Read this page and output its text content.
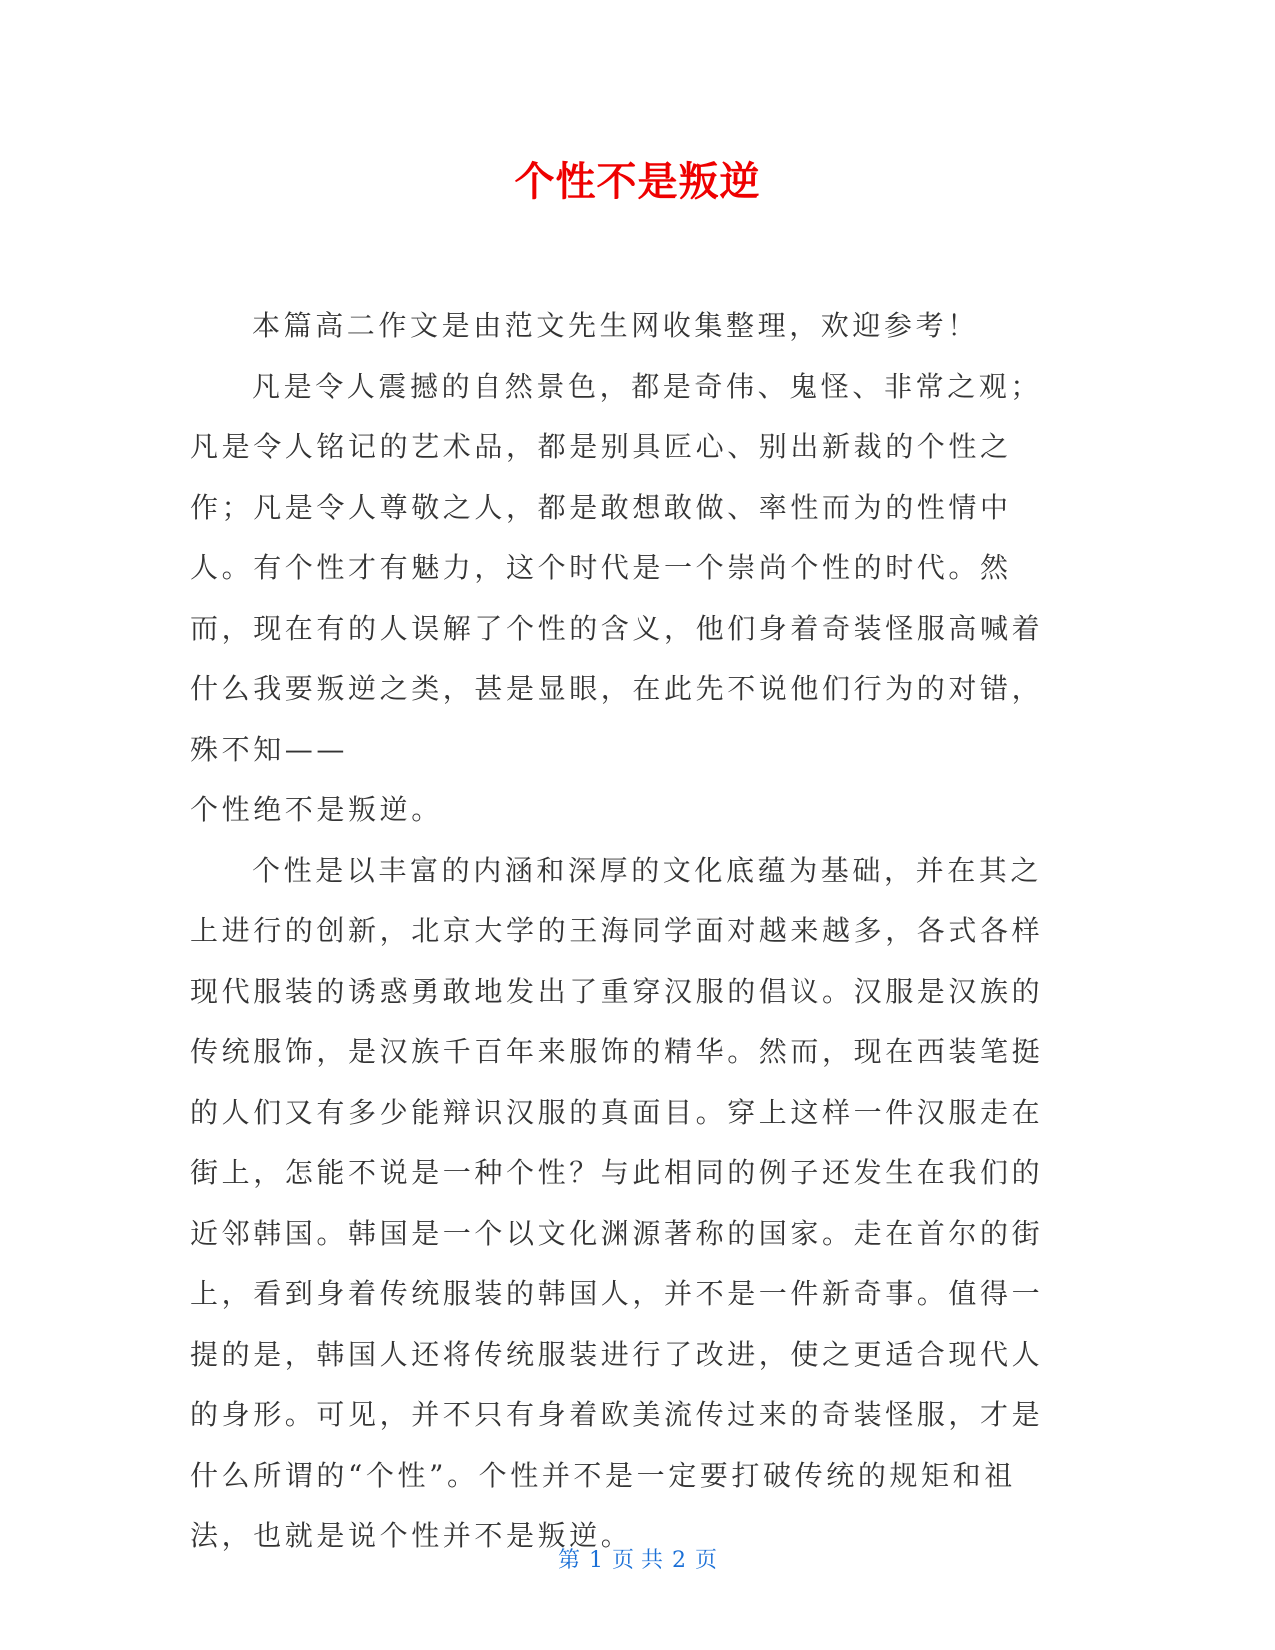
个性不是叛逆

本篇高二作文是由范文先生网收集整理，欢迎参考！

凡是令人震撼的自然景色，都是奇伟、鬼怪、非常之观；凡是令人铭记的艺术品，都是别具匠心、别出新裁的个性之作；凡是令人尊敬之人，都是敢想敢做、率性而为的性情中人。有个性才有魅力，这个时代是一个崇尚个性的时代。然而，现在有的人误解了个性的含义，他们身着奇装怪服高喊着什么我要叛逆之类，甚是显眼，在此先不说他们行为的对错，殊不知——

个性绝不是叛逆。

个性是以丰富的内涵和深厚的文化底蕴为基础，并在其之上进行的创新，北京大学的王海同学面对越来越多，各式各样现代服装的诱惑勇敢地发出了重穿汉服的倡议。汉服是汉族的传统服饰，是汉族千百年来服饰的精华。然而，现在西装笔挺的人们又有多少能辩识汉服的真面目。穿上这样一件汉服走在街上，怎能不说是一种个性？与此相同的例子还发生在我们的近邻韩国。韩国是一个以文化渊源著称的国家。走在首尔的街上，看到身着传统服装的韩国人，并不是一件新奇事。值得一提的是，韩国人还将传统服装进行了改进，使之更适合现代人的身形。可见，并不只有身着欧美流传过来的奇装怪服，才是什么所谓的“个性”。个性并不是一定要打破传统的规矩和祖法，也就是说个性并不是叛逆。

第 1 页 共 2 页
